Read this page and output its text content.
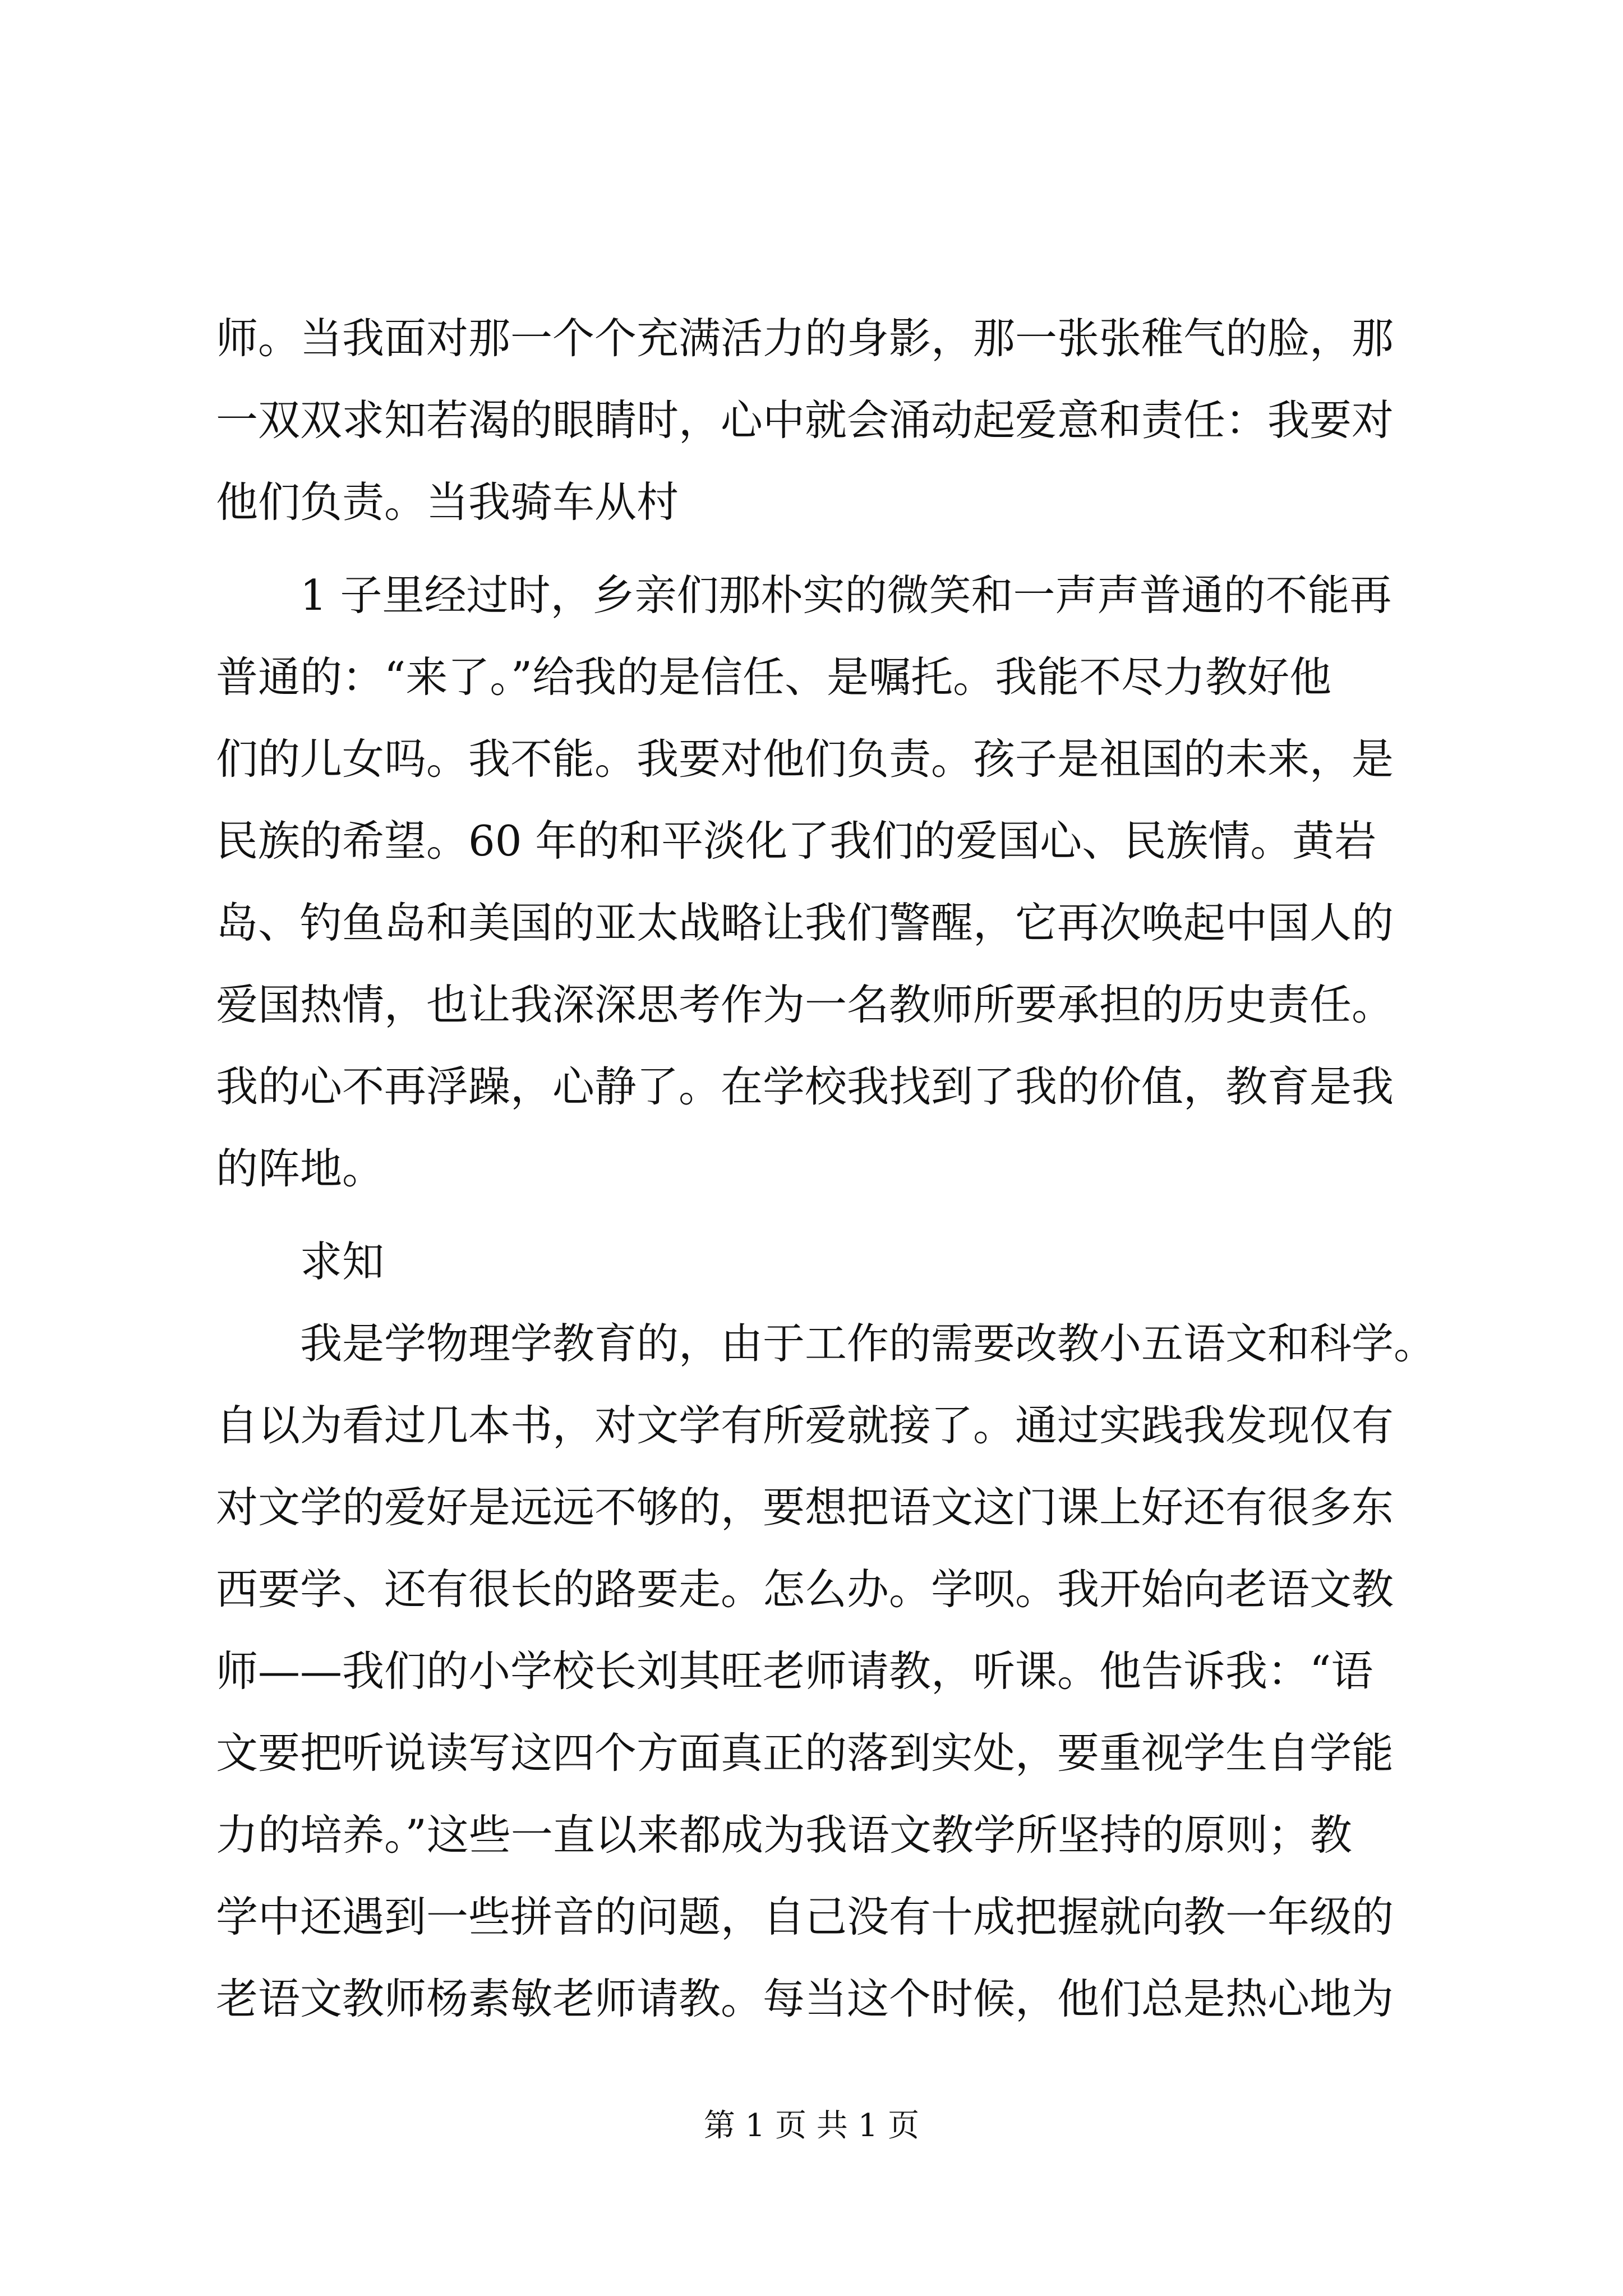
师。当我面对那一个个充满活力的身影，那一张张稚气的脸，那
一双双求知若渴的眼睛时，心中就会涌动起爱意和责任：我要对
他们负责。当我骑车从村
1 子里经过时，乡亲们那朴实的微笑和一声声普通的不能再
普通的：“来了。”给我的是信任、是嘱托。我能不尽力教好他
们的儿女吗。我不能。我要对他们负责。孩子是祖国的未来，是
民族的希望。60 年的和平淡化了我们的爱国心、民族情。黄岩
岛、钓鱼岛和美国的亚太战略让我们警醒，它再次唤起中国人的
爱国热情，也让我深深思考作为一名教师所要承担的历史责任。
我的心不再浮躁，心静了。在学校我找到了我的价值，教育是我
的阵地。
求知
我是学物理学教育的，由于工作的需要改教小五语文和科学。
自以为看过几本书，对文学有所爱就接了。通过实践我发现仅有
对文学的爱好是远远不够的，要想把语文这门课上好还有很多东
西要学、还有很长的路要走。怎么办。学呗。我开始向老语文教
师——我们的小学校长刘其旺老师请教，听课。他告诉我：“语
文要把听说读写这四个方面真正的落到实处，要重视学生自学能
力的培养。”这些一直以来都成为我语文教学所坚持的原则；教
学中还遇到一些拼音的问题，自己没有十成把握就向教一年级的
老语文教师杨素敏老师请教。每当这个时候，他们总是热心地为
第 1 页 共 1 页
